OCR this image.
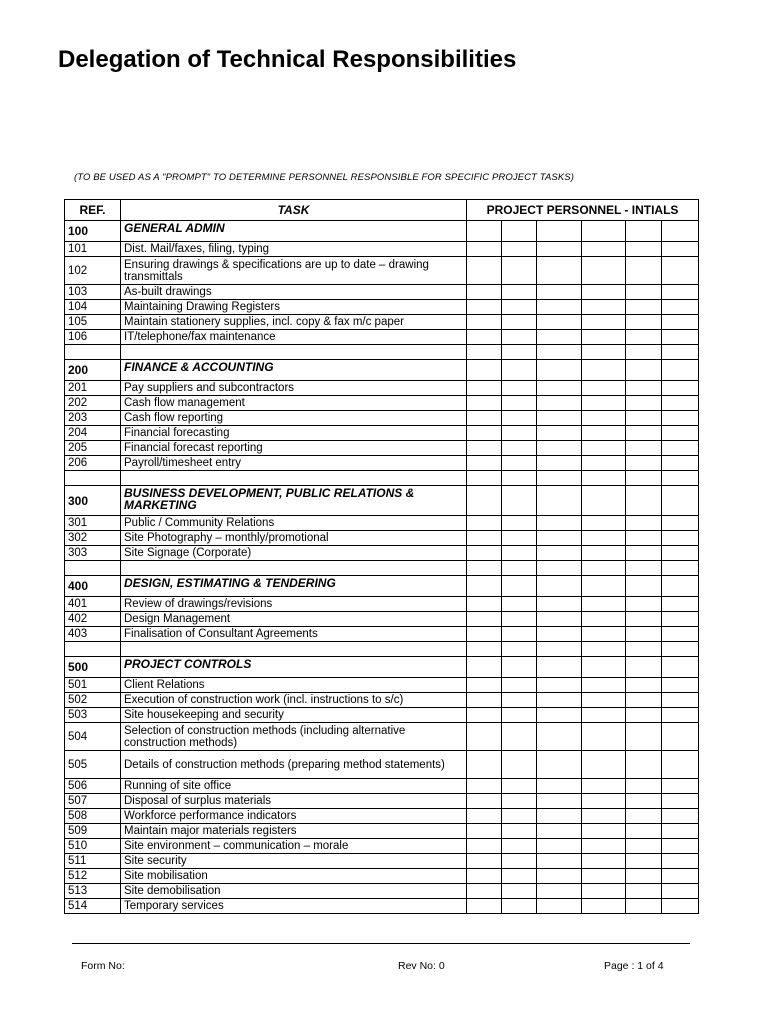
Delegation of Technical Responsibilities
(TO BE USED AS A "PROMPT" TO DETERMINE PERSONNEL RESPONSIBLE FOR SPECIFIC PROJECT TASKS)
REF.	TASK	PROJECT PERSONNEL - INTIALS					
100	GENERAL ADMIN						
101	Dist. Mail/faxes, filing, typing						
102	Ensuring drawings & specifications are up to date – drawing transmittals						
103	As-built drawings						
104	Maintaining Drawing Registers						
105	Maintain stationery supplies, incl. copy & fax m/c paper						
106	IT/telephone/fax maintenance						

200	FINANCE & ACCOUNTING						
201	Pay suppliers and subcontractors						
202	Cash flow management						
203	Cash flow reporting						
204	Financial forecasting						
205	Financial forecast reporting						
206	Payroll/timesheet entry						

300	BUSINESS DEVELOPMENT, PUBLIC RELATIONS & MARKETING						
301	Public / Community Relations						
302	Site Photography – monthly/promotional						
303	Site Signage (Corporate)						

400	DESIGN, ESTIMATING & TENDERING						
401	Review of drawings/revisions						
402	Design Management						
403	Finalisation of Consultant Agreements						

500	PROJECT CONTROLS						
501	Client Relations						
502	Execution of construction work (incl. instructions to s/c)						
503	Site housekeeping and security						
504	Selection of construction methods (including alternative construction methods)						
505	Details of construction methods (preparing method statements)						
506	Running of site office						
507	Disposal of surplus materials						
508	Workforce performance indicators						
509	Maintain major materials registers						
510	Site environment – communication – morale						
511	Site security						
512	Site mobilisation						
513	Site demobilisation						
514	Temporary services						
Form No:	Rev No: 0	Page : 1 of 4
